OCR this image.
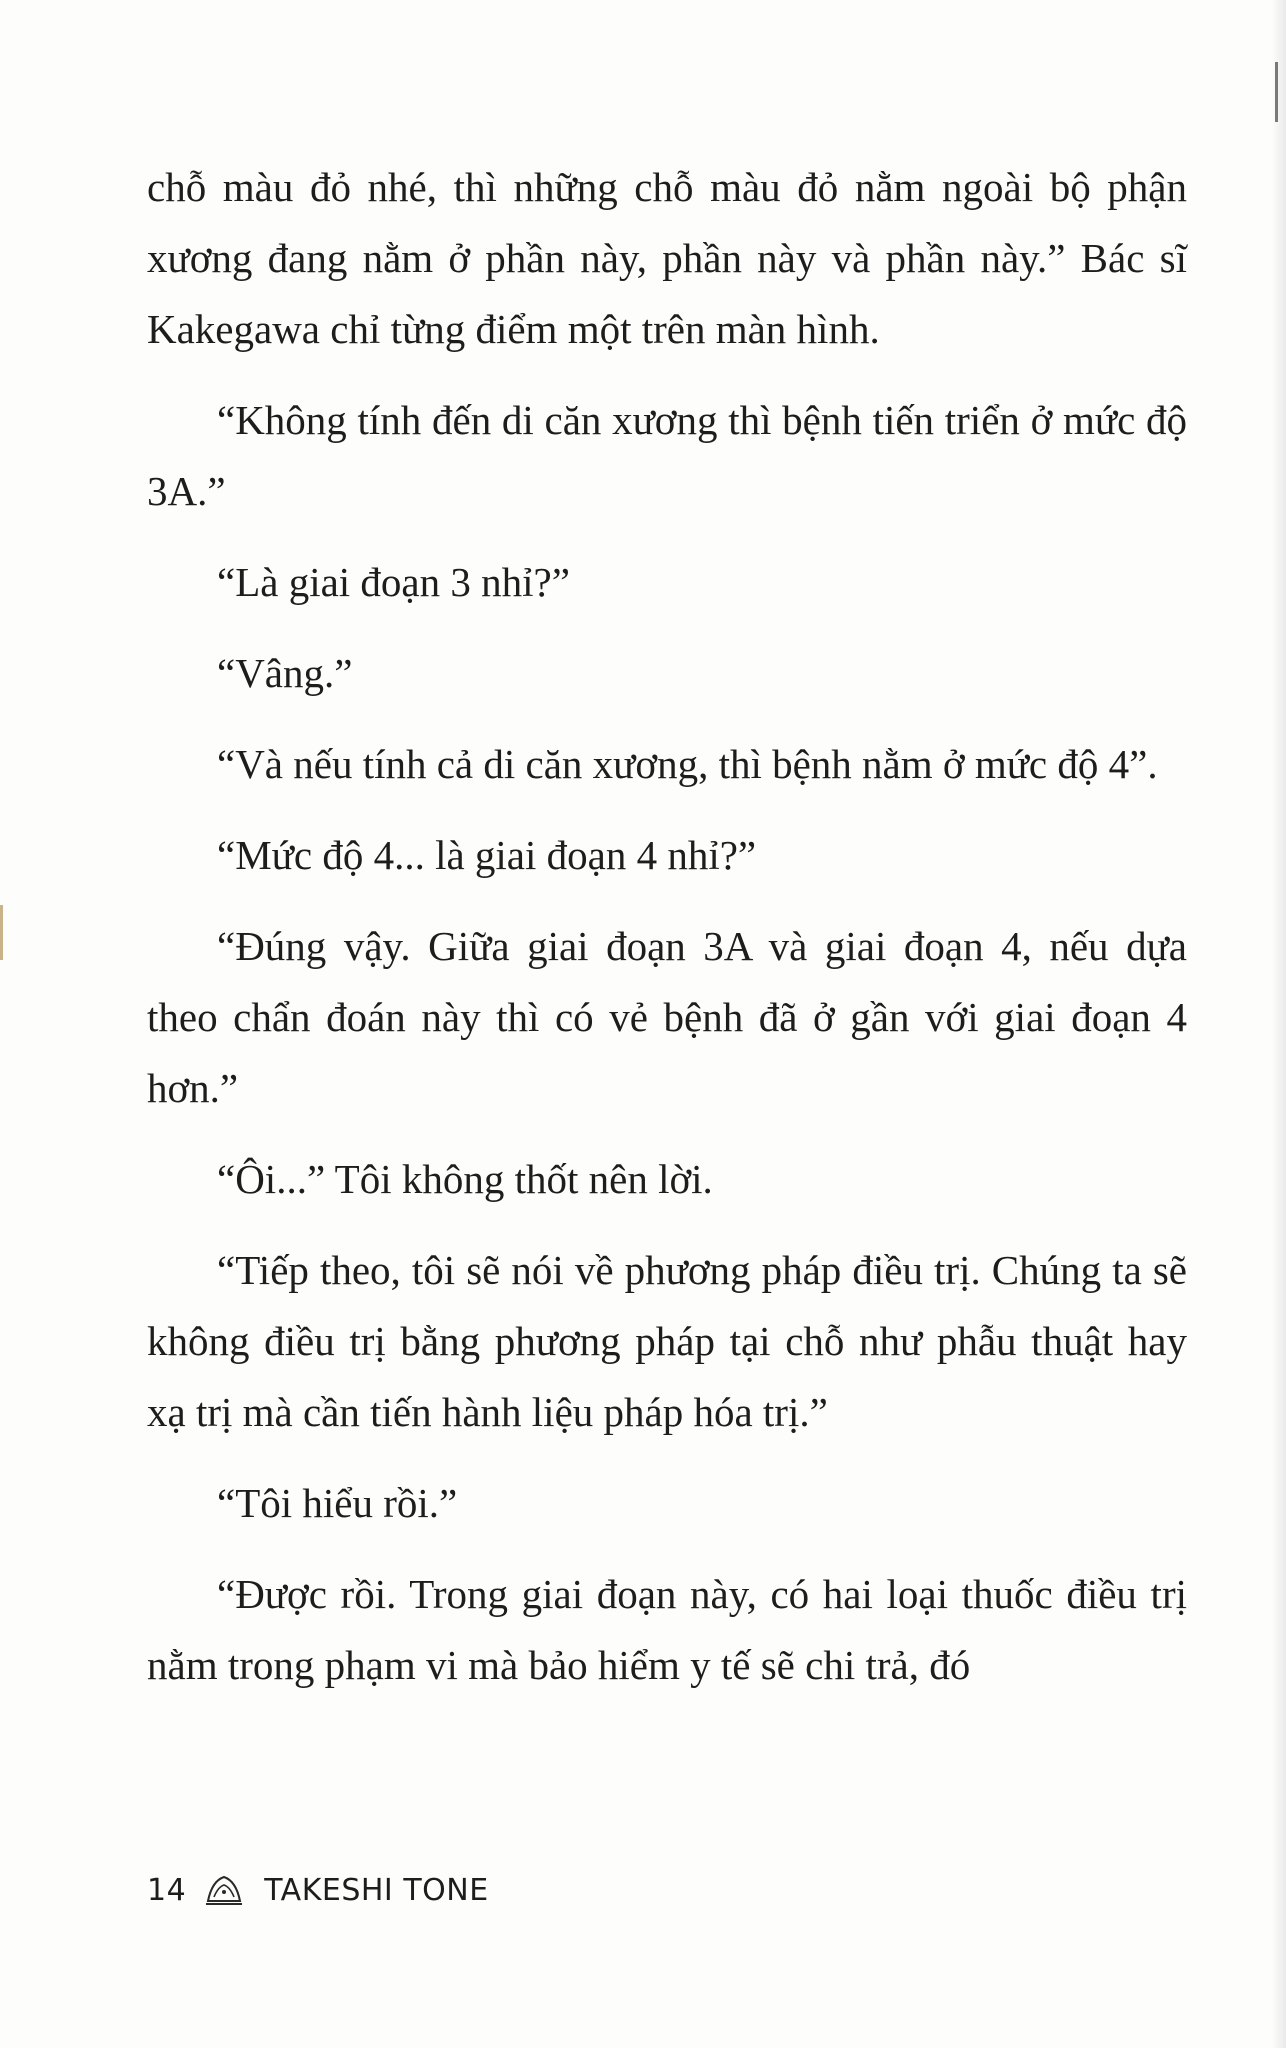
chỗ màu đỏ nhé, thì những chỗ màu đỏ nằm ngoài bộ phận xương đang nằm ở phần này, phần này và phần này.” Bác sĩ Kakegawa chỉ từng điểm một trên màn hình.

“Không tính đến di căn xương thì bệnh tiến triển ở mức độ 3A.”

“Là giai đoạn 3 nhỉ?”

“Vâng.”

“Và nếu tính cả di căn xương, thì bệnh nằm ở mức độ 4”.

“Mức độ 4... là giai đoạn 4 nhỉ?”

“Đúng vậy. Giữa giai đoạn 3A và giai đoạn 4, nếu dựa theo chẩn đoán này thì có vẻ bệnh đã ở gần với giai đoạn 4 hơn.”

“Ôi...” Tôi không thốt nên lời.

“Tiếp theo, tôi sẽ nói về phương pháp điều trị. Chúng ta sẽ không điều trị bằng phương pháp tại chỗ như phẫu thuật hay xạ trị mà cần tiến hành liệu pháp hóa trị.”

“Tôi hiểu rồi.”

“Được rồi. Trong giai đoạn này, có hai loại thuốc điều trị nằm trong phạm vi mà bảo hiểm y tế sẽ chi trả, đó

14	TAKESHI TONE
